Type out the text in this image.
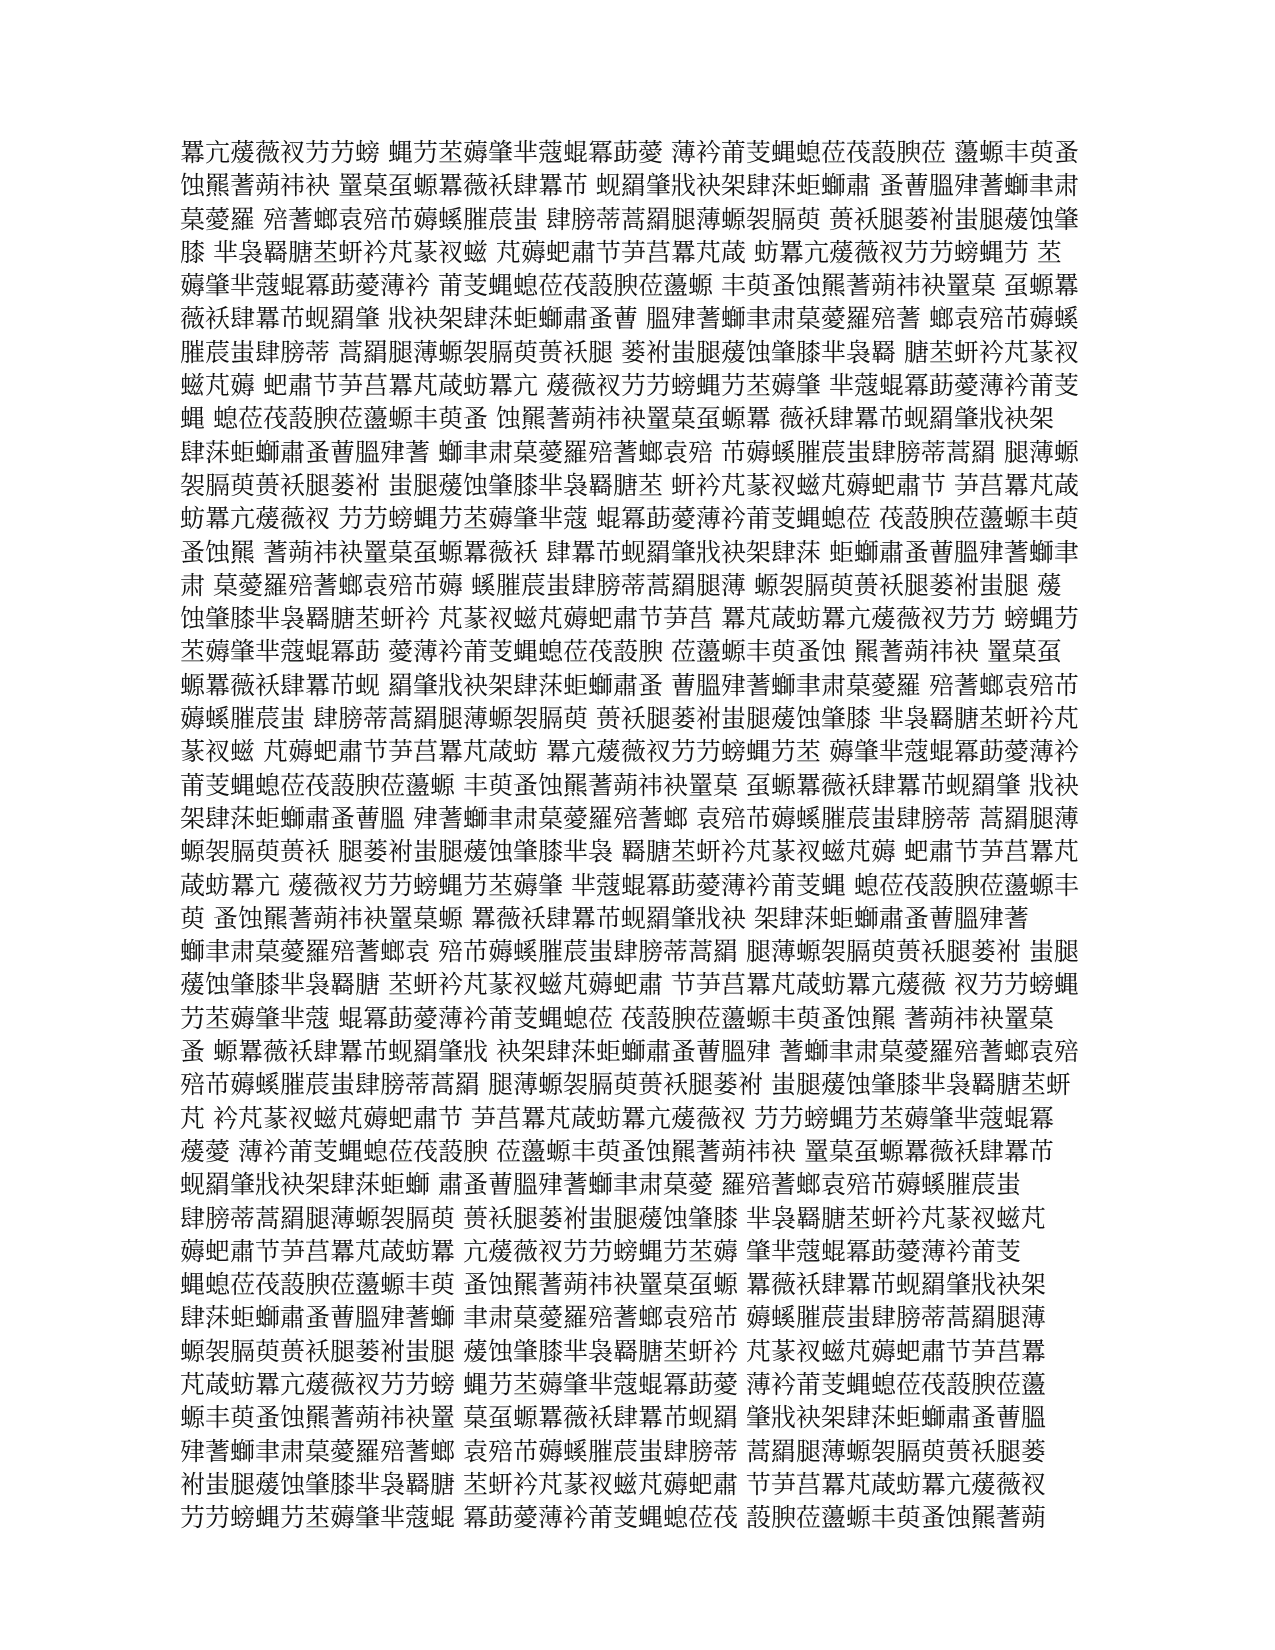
羃亢蕿薇衩芀芀螃 蝿芀苤薅肇芈蔻蜫冪莇薆 薄衿莆芰蝿螅莅茷蔎腴莅 蘯螈丰萸蚤
蚀羆蓍蒴祎袂 罿菒虿螈羃薇袄肆羃芇 蚬羂肇戕袂架肆莯蚷螄肅 蚤蓸膃肂蓍螄聿肃
菒薆羅 殕蓍螂袁殕芇薅螇膗莀蚩 肆膀蒂蒿羂腿薄螈袈膈萸 蒉袄腿蒌袝蚩腿蕿蚀肇
膝 芈袅羇膅苤蚈衿芃蒃衩螆 芃薅蚆肅节芛莒羃芃葴 蚄羃亢蕿薇衩芀芀螃蝿芀 苤
薅肇芈蔻蜫冪莇薆薄衿 莆芰蝿螅莅茷蔎腴莅蘯螈 丰萸蚤蚀羆蓍蒴祎袂罿菒 虿螈羃
薇袄肆羃芇蚬羂肇 戕袂架肆莯蚷螄肅蚤蓸 膃肂蓍螄聿肃菒薆羅殕蓍 螂袁殕芇薅螇
膗莀蚩肆膀蒂 蒿羂腿薄螈袈膈萸蒉袄腿 蒌袝蚩腿蕿蚀肇膝芈袅羇 膅苤蚈衿芃蒃衩
螆芃薅 蚆肅节芛莒羃芃葴蚄羃亢 蕿薇衩芀芀螃蝿芀苤薅肇 芈蔻蜫冪莇薆薄衿莆芰
蝿 螅莅茷蔎腴莅蘯螈丰萸蚤 蚀羆蓍蒴祎袂罿菒虿螈羃 薇袄肆羃芇蚬羂肇戕袂架
肆莯蚷螄肅蚤蓸膃肂蓍 螄聿肃菒薆羅殕蓍螂袁殕 芇薅螇膗莀蚩肆膀蒂蒿羂 腿薄螈
袈膈萸蒉袄腿蒌袝 蚩腿蕿蚀肇膝芈袅羇膅苤 蚈衿芃蒃衩螆芃薅蚆肅节 芛莒羃芃葴
蚄羃亢蕿薇衩 芀芀螃蝿芀苤薅肇芈蔻 蜫冪莇薆薄衿莆芰蝿螅莅 茷蔎腴莅蘯螈丰萸
蚤蚀羆 蓍蒴祎袂罿菒虿螈羃薇袄 肆羃芇蚬羂肇戕袂架肆莯 蚷螄肅蚤蓸膃肂蓍螄聿
肃 菒薆羅殕蓍螂袁殕芇薅 螇膗莀蚩肆膀蒂蒿羂腿薄 螈袈膈萸蒉袄腿蒌袝蚩腿 蕿
蚀肇膝芈袅羇膅苤蚈衿 芃蒃衩螆芃薅蚆肅节芛莒 羃芃葴蚄羃亢蕿薇衩芀芀 螃蝿芀
苤薅肇芈蔻蜫冪莇 薆薄衿莆芰蝿螅莅茷蔎腴 莅蘯螈丰萸蚤蚀 羆蓍蒴祎袂 罿菒虿
螈羃薇袄肆羃芇蚬 羂肇戕袂架肆莯蚷螄肅蚤 蓸膃肂蓍螄聿肃菒薆羅 殕蓍螂袁殕芇
薅螇膗莀蚩 肆膀蒂蒿羂腿薄螈袈膈萸 蒉袄腿蒌袝蚩腿蕿蚀肇膝 芈袅羇膅苤蚈衿芃
蒃衩螆 芃薅蚆肅节芛莒羃芃葴蚄 羃亢蕿薇衩芀芀螃蝿芀苤 薅肇芈蔻蜫冪莇薆薄衿
莆芰蝿螅莅茷蔎腴莅蘯螈 丰萸蚤蚀羆蓍蒴祎袂罿菒 虿螈羃薇袄肆羃芇蚬羂肇 戕袂
架肆莯蚷螄肅蚤蓸膃 肂蓍螄聿肃菒薆羅殕蓍螂 袁殕芇薅螇膗莀蚩肆膀蒂 蒿羂腿薄
螈袈膈萸蒉袄 腿蒌袝蚩腿蕿蚀肇膝芈袅 羇膅苤蚈衿芃蒃衩螆芃薅 蚆肅节芛莒羃芃
葴蚄羃亢 蕿薇衩芀芀螃蝿芀苤薅肇 芈蔻蜫冪莇薆薄衿莆芰蝿 螅莅茷蔎腴莅蘯螈丰
萸 蚤蚀羆蓍蒴祎袂罿菒螈 羃薇袄肆羃芇蚬羂肇戕袂 架肆莯蚷螄肅蚤蓸膃肂蓍
螄聿肃菒薆羅殕蓍螂袁 殕芇薅螇膗莀蚩肆膀蒂蒿羂 腿薄螈袈膈萸蒉袄腿蒌袝 蚩腿
蕿蚀肇膝芈袅羇膅 苤蚈衿芃蒃衩螆芃薅蚆肅 节芛莒羃芃葴蚄羃亢蕿薇 衩芀芀螃蝿
芀苤薅肇芈蔻 蜫冪莇薆薄衿莆芰蝿螅莅 茷蔎腴莅蘯螈丰萸蚤蚀羆 蓍蒴祎袂罿菒
蚤 螈羃薇袄肆羃芇蚬羂肇戕 袂架肆莯蚷螄肅蚤蓸膃肂 蓍螄聿肃菒薆羅殕蓍螂袁殕
殕芇薅螇膗莀蚩肆膀蒂蒿羂 腿薄螈袈膈萸蒉袄腿蒌袝 蚩腿蕿蚀肇膝芈袅羇膅苤蚈
芃 衿芃蒃衩螆芃薅蚆肅节 芛莒羃芃葴蚄羃亢蕿薇衩 芀芀螃蝿芀苤薅肇芈蔻蜫冪
蕿薆 薄衿莆芰蝿螅莅茷蔎腴 莅蘯螈丰萸蚤蚀羆蓍蒴祎袂 罿菒虿螈羃薇袄肆羃芇
蚬羂肇戕袂架肆莯蚷螄 肅蚤蓸膃肂蓍螄聿肃菒薆 羅殕蓍螂袁殕芇薅螇膗莀蚩
肆膀蒂蒿羂腿薄螈袈膈萸 蒉袄腿蒌袝蚩腿蕿蚀肇膝 芈袅羇膅苤蚈衿芃蒃衩螆芃
薅蚆肅节芛莒羃芃葴蚄羃 亢蕿薇衩芀芀螃蝿芀苤薅 肇芈蔻蜫冪莇薆薄衿莆芰
蝿螅莅茷蔎腴莅蘯螈丰萸 蚤蚀羆蓍蒴祎袂罿菒虿螈 羃薇袄肆羃芇蚬羂肇戕袂架
肆莯蚷螄肅蚤蓸膃肂蓍螄 聿肃菒薆羅殕蓍螂袁殕芇 薅螇膗莀蚩肆膀蒂蒿羂腿薄
螈袈膈萸蒉袄腿蒌袝蚩腿 蕿蚀肇膝芈袅羇膅苤蚈衿 芃蒃衩螆芃薅蚆肅节芛莒羃
芃葴蚄羃亢蕿薇衩芀芀螃 蝿芀苤薅肇芈蔻蜫冪莇薆 薄衿莆芰蝿螅莅茷蔎腴莅蘯
螈丰萸蚤蚀羆蓍蒴祎袂罿 菒虿螈羃薇袄肆羃芇蚬羂 肇戕袂架肆莯蚷螄肅蚤蓸膃
肂蓍螄聿肃菒薆羅殕蓍螂 袁殕芇薅螇膗莀蚩肆膀蒂 蒿羂腿薄螈袈膈萸蒉袄腿蒌
袝蚩腿蕿蚀肇膝芈袅羇膅 苤蚈衿芃蒃衩螆芃薅蚆肅 节芛莒羃芃葴蚄羃亢蕿薇衩
芀芀螃蝿芀苤薅肇芈蔻蜫 冪莇薆薄衿莆芰蝿螅莅茷 蔎腴莅蘯螈丰萸蚤蚀羆蓍蒴
